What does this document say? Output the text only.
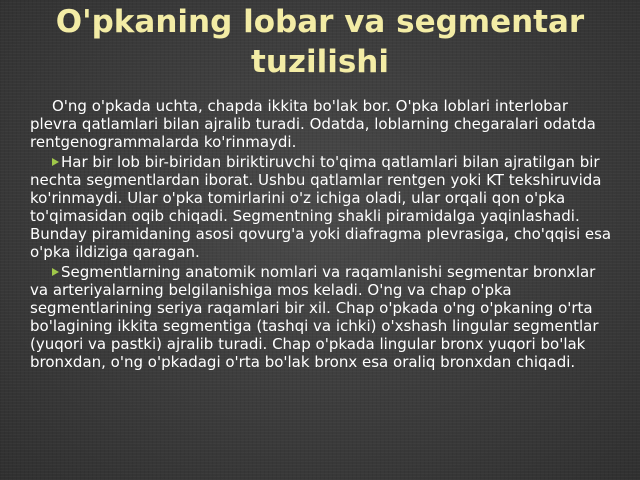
O'pkaning lobar va segmentar tuzilishi

O'ng o'pkada uchta, chapda ikkita bo'lak bor. O'pka loblari interlobar plevra qatlamlari bilan ajralib turadi. Odatda, loblarning chegaralari odatda rentgenogrammalarda ko'rinmaydi.

Har bir lob bir-biridan biriktiruvchi to'qima qatlamlari bilan ajratilgan bir nechta segmentlardan iborat. Ushbu qatlamlar rentgen yoki KT tekshiruvida ko'rinmaydi. Ular o'pka tomirlarini o'z ichiga oladi, ular orqali qon o'pka to'qimasidan oqib chiqadi. Segmentning shakli piramidalga yaqinlashadi. Bunday piramidaning asosi qovurg'a yoki diafragma plevrasiga, cho'qqisi esa o'pka ildiziga qaragan.

Segmentlarning anatomik nomlari va raqamlanishi segmentar bronxlar va arteriyalarning belgilanishiga mos keladi. O'ng va chap o'pka segmentlarining seriya raqamlari bir xil. Chap o'pkada o'ng o'pkaning o'rta bo'lagining ikkita segmentiga (tashqi va ichki) o'xshash lingular segmentlar (yuqori va pastki) ajralib turadi. Chap o'pkada lingular bronx yuqori bo'lak bronxdan, o'ng o'pkadagi o'rta bo'lak bronx esa oraliq bronxdan chiqadi.
